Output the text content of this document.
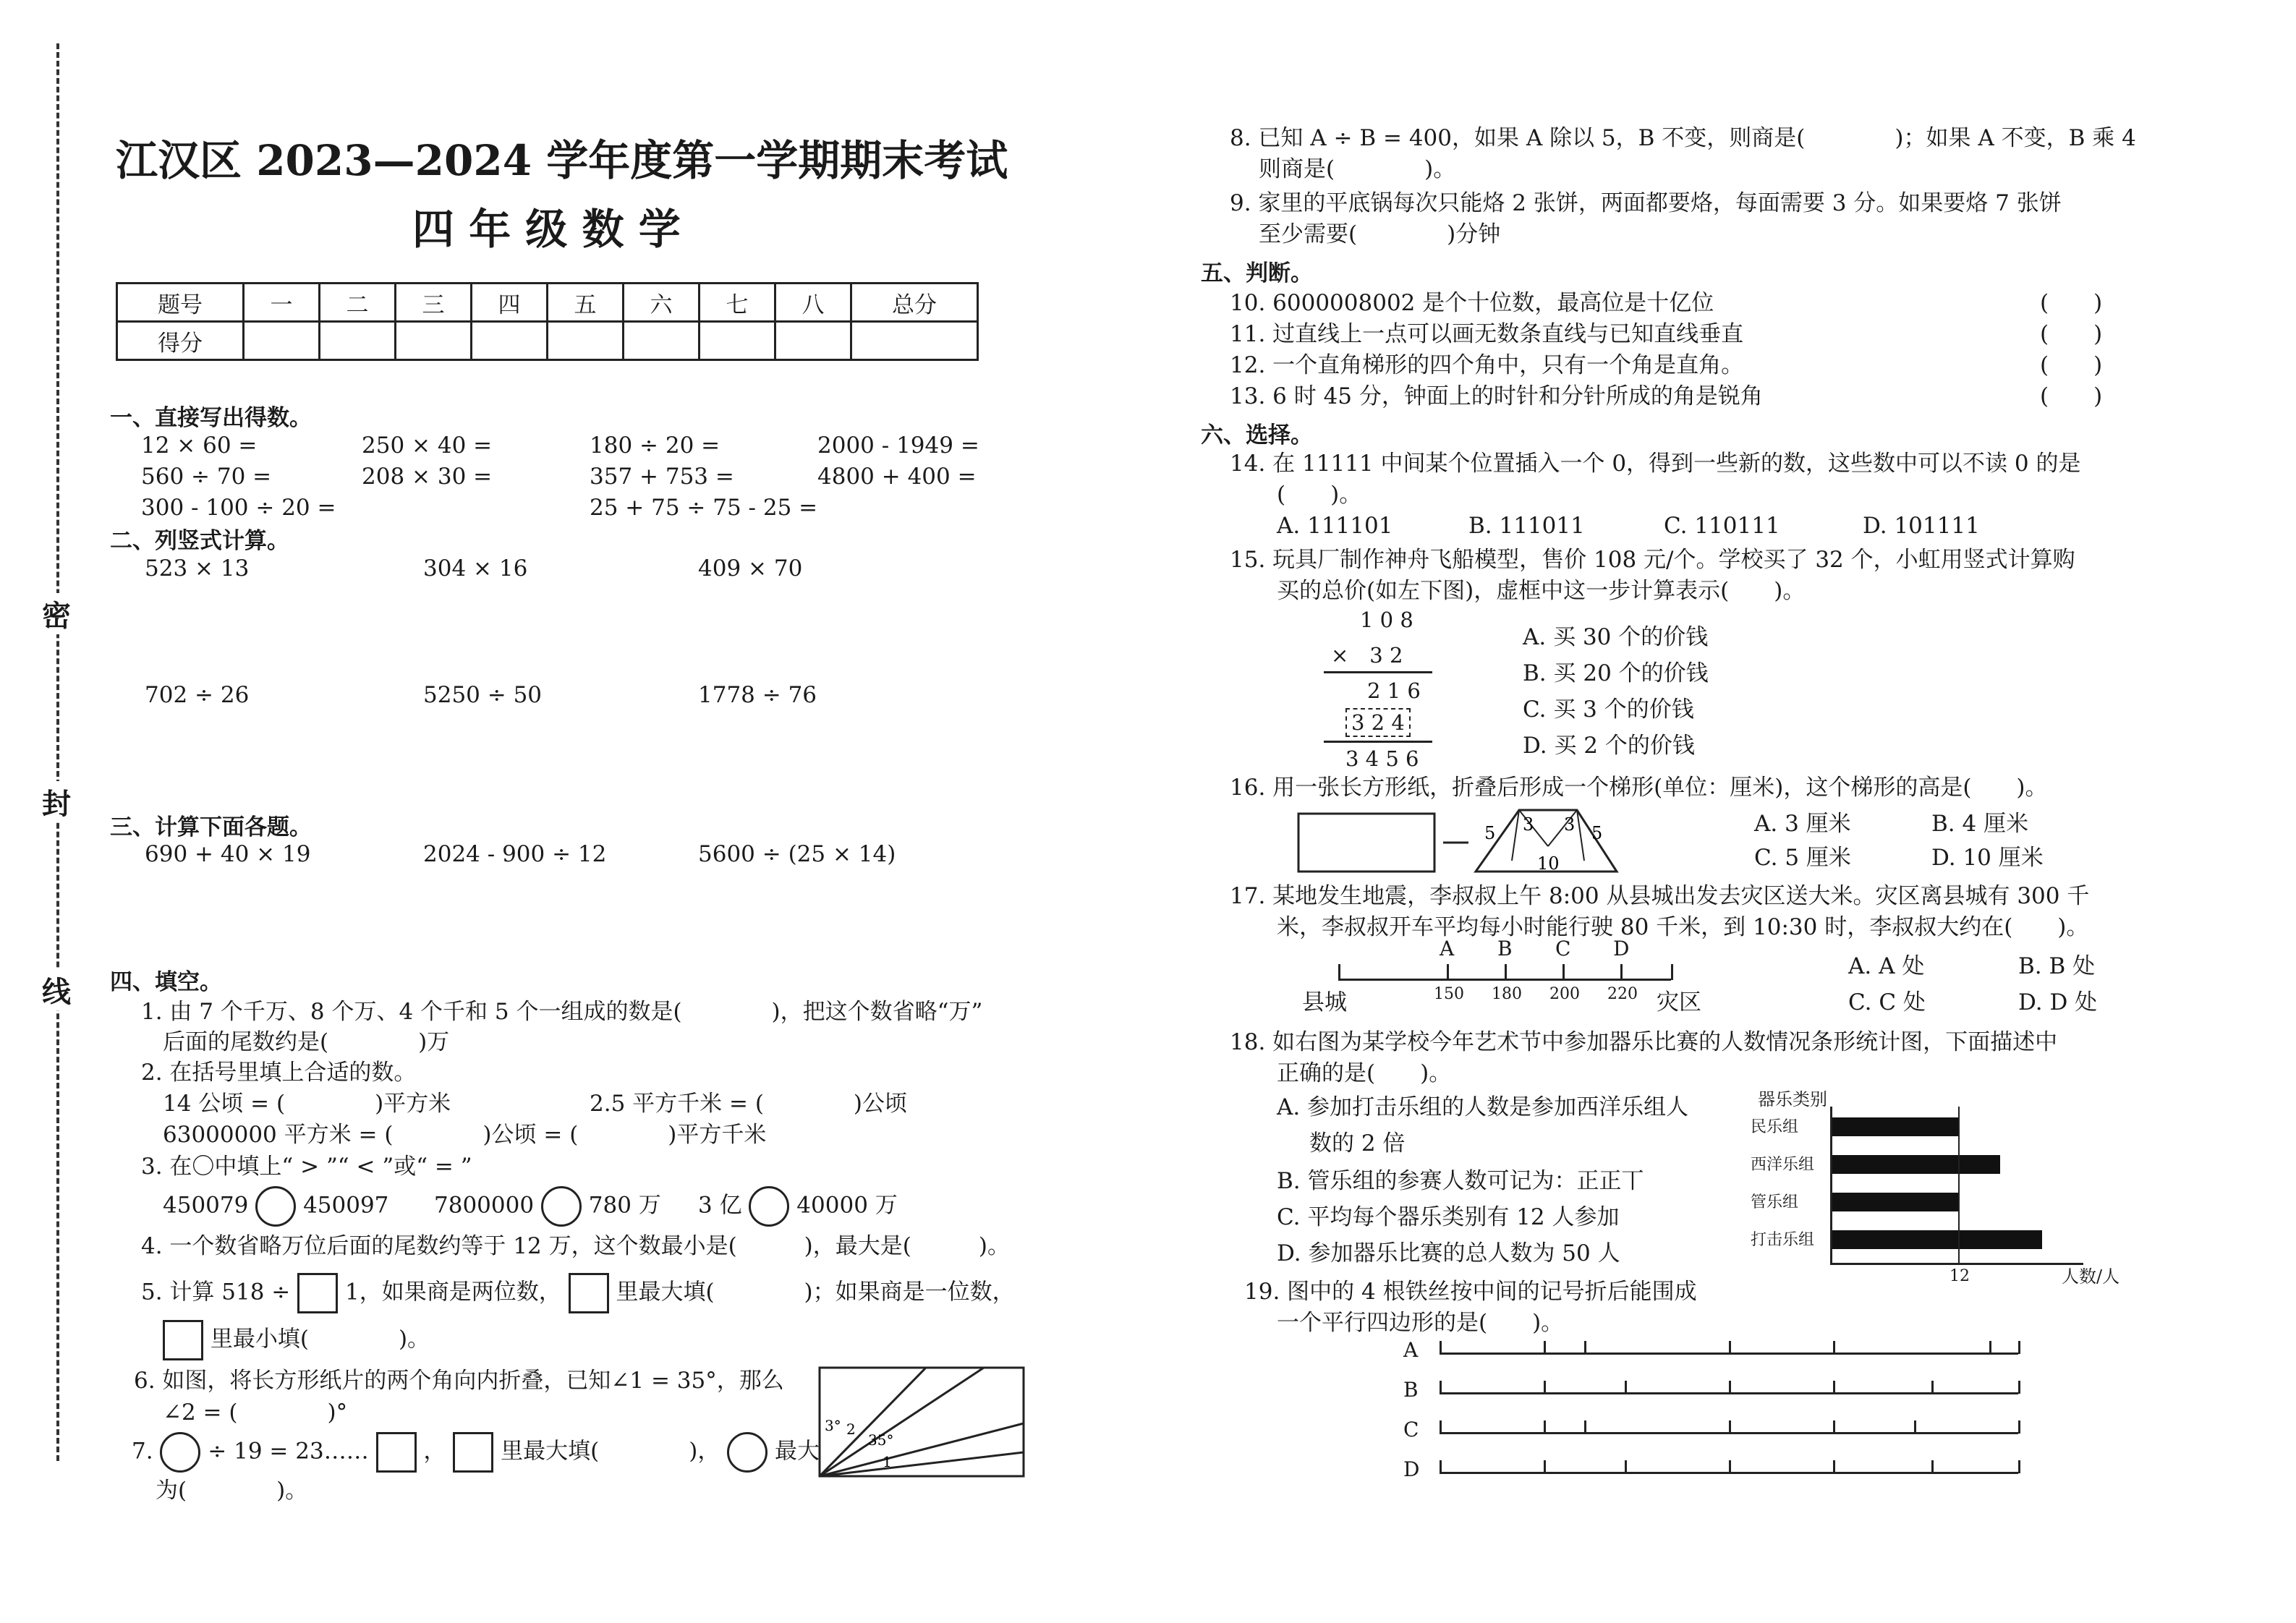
密
封
线
江汉区 2023—2024 学年度第一学期期末考试
四 年 级 数 学
题号	一	二	三	四	五	六	七	八	总分
得分									
一、直接写出得数。
12 × 60 =	250 × 40 =	180 ÷ 20 =	2000 - 1949 =
560 ÷ 70 =	208 × 30 =	357 + 753 =	4800 + 400 =
300 - 100 ÷ 20 =	25 + 75 ÷ 75 - 25 =
二、列竖式计算。
523 × 13	304 × 16	409 × 70
702 ÷ 26	5250 ÷ 50	1778 ÷ 76
三、计算下面各题。
690 + 40 × 19	2024 - 900 ÷ 12	5600 ÷ (25 × 14)
四、填空。
1. 由 7 个千万、8 个万、4 个千和 5 个一组成的数是(　　　　)，把这个数省略“万”
后面的尾数约是(　　　　)万
2. 在括号里填上合适的数。
14 公顷 = (　　　　)平方米	2.5 平方千米 = (　　　　)公顷
63000000 平方米 = (　　　　)公顷 = (　　　　)平方千米
3. 在〇中填上“ > ”“ < ”或“ = ”
450079 450097 7800000 780 万 3 亿 40000 万
4. 一个数省略万位后面的尾数约等于 12 万，这个数最小是(　　　)，最大是(　　　)。
5. 计算 518 ÷ 1，如果商是两位数， 里最大填(　　　　)；如果商是一位数，
里最小填(　　　　)。
6. 如图，将长方形纸片的两个角向内折叠，已知∠1 = 35°，那么
∠2 = (　　　　)°	3° 2
35°
1
7. ÷ 19 = 23…… ， 里最大填(　　　　)， 最大
为(　　　　)。
8. 已知 A ÷ B = 400，如果 A 除以 5，B 不变，则商是(　　　　)；如果 A 不变，B 乘 4
则商是(　　　　)。
9. 家里的平底锅每次只能烙 2 张饼，两面都要烙，每面需要 3 分。如果要烙 7 张饼
至少需要(　　　　)分钟
五、判断。
10. 6000008002 是个十位数，最高位是十亿位	(　　)
11. 过直线上一点可以画无数条直线与已知直线垂直	(　　)
12. 一个直角梯形的四个角中，只有一个角是直角。	(　　)
13. 6 时 45 分，钟面上的时针和分针所成的角是锐角	(　　)
六、选择。
14. 在 11111 中间某个位置插入一个 0，得到一些新的数，这些数中可以不读 0 的是
(　　)。
A. 111101	B. 111011	C. 110111	D. 101111
15. 玩具厂制作神舟飞船模型，售价 108 元/个。学校买了 32 个，小虹用竖式计算购
买的总价(如左下图)，虚框中这一步计算表示(　　)。
1 0 8
×　3 2
2 1 6
3 2 4
3 4 5 6
A. 买 30 个的价钱
B. 买 20 个的价钱
C. 买 3 个的价钱
D. 买 2 个的价钱
16. 用一张长方形纸，折叠后形成一个梯形(单位：厘米)，这个梯形的高是(　　)。
5 3 3 5
10
A. 3 厘米	B. 4 厘米
C. 5 厘米	D. 10 厘米
17. 某地发生地震，李叔叔上午 8:00 从县城出发去灾区送大米。灾区离县城有 300 千
米，李叔叔开车平均每小时能行驶 80 千米，到 10:30 时，李叔叔大约在(　　)。
A B C D
150 180 200 220
县城	灾区
A. A 处	B. B 处
C. C 处	D. D 处
18. 如右图为某学校今年艺术节中参加器乐比赛的人数情况条形统计图，下面描述中
正确的是(　　)。
A. 参加打击乐组的人数是参加西洋乐组人
数的 2 倍
B. 管乐组的参赛人数可记为：正正丅
C. 平均每个器乐类别有 12 人参加
D. 参加器乐比赛的总人数为 50 人
器乐类别
人数/人
民乐组
西洋乐组
管乐组
打击乐组
12
19. 图中的 4 根铁丝按中间的记号折后能围成
一个平行四边形的是(　　)。
A
B
C
D
